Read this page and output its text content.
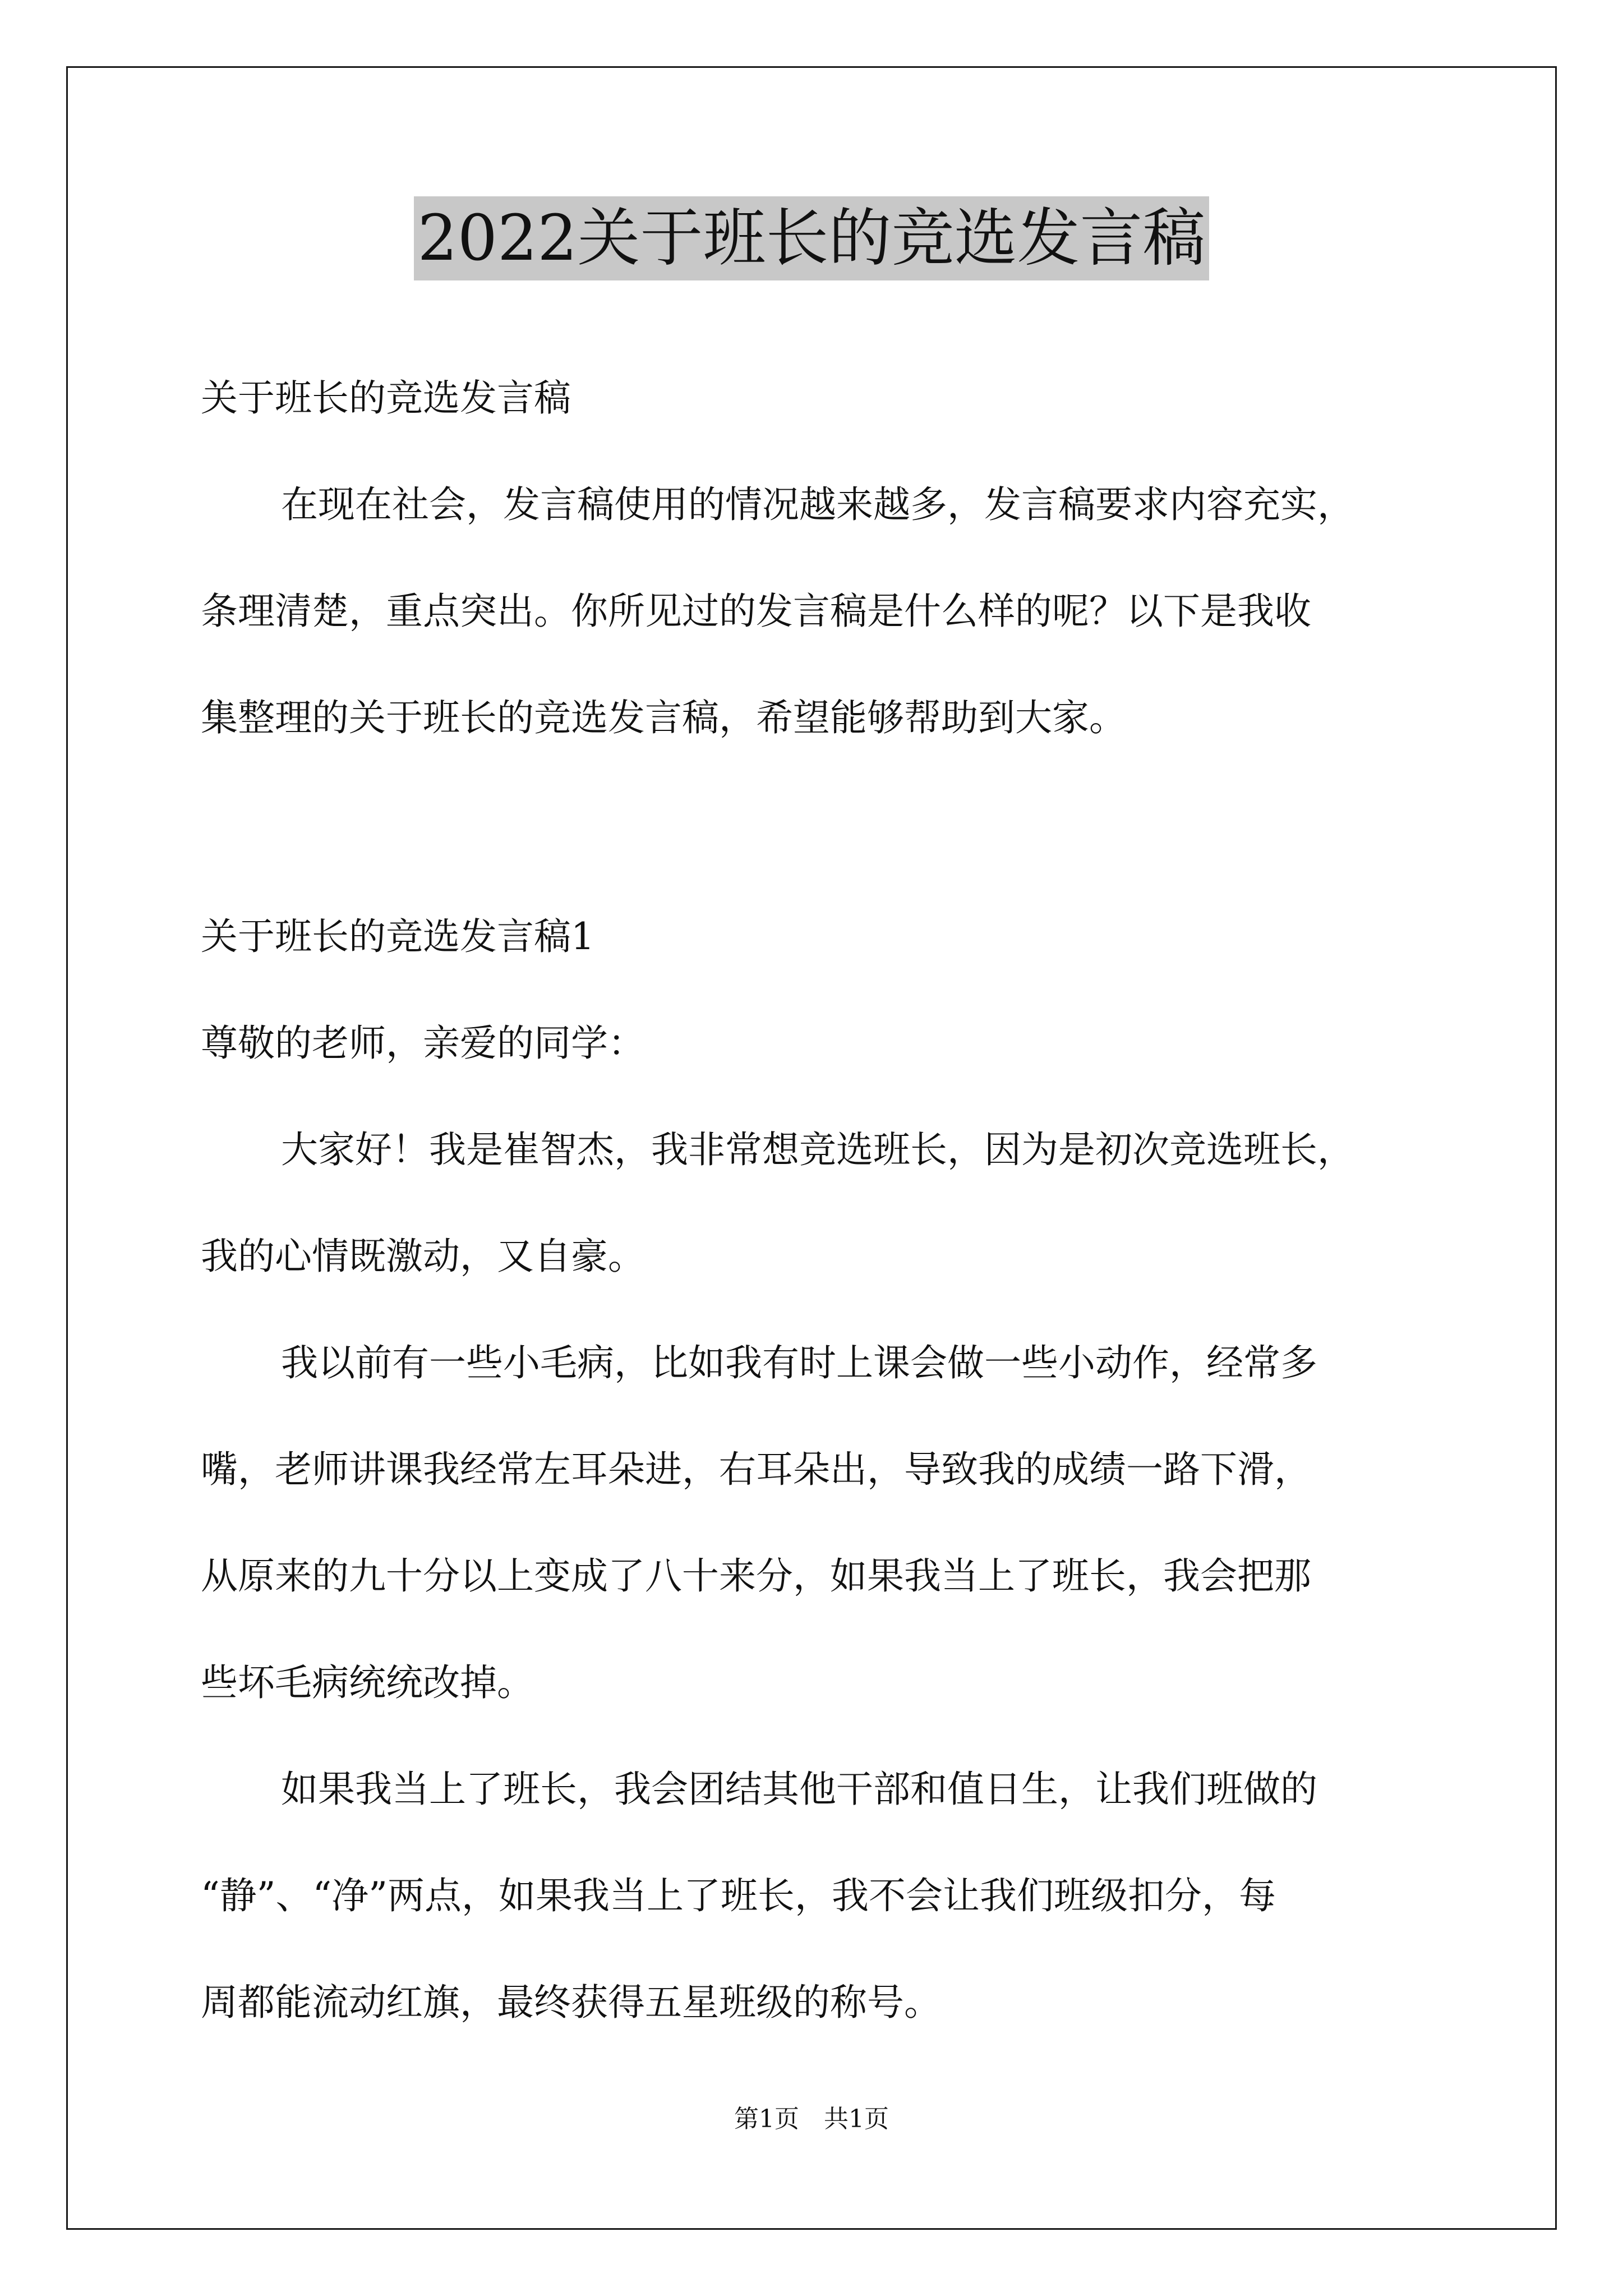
2022关于班长的竞选发言稿
关于班长的竞选发言稿
在现在社会，发言稿使用的情况越来越多，发言稿要求内容充实，
条理清楚，重点突出。你所见过的发言稿是什么样的呢？以下是我收
集整理的关于班长的竞选发言稿，希望能够帮助到大家。
关于班长的竞选发言稿1
尊敬的老师，亲爱的同学：
大家好！我是崔智杰，我非常想竞选班长，因为是初次竞选班长，
我的心情既激动，又自豪。
我以前有一些小毛病，比如我有时上课会做一些小动作，经常多
嘴，老师讲课我经常左耳朵进，右耳朵出，导致我的成绩一路下滑，
从原来的九十分以上变成了八十来分，如果我当上了班长，我会把那
些坏毛病统统改掉。
如果我当上了班长，我会团结其他干部和值日生，让我们班做的
“静”、“净”两点，如果我当上了班长，我不会让我们班级扣分，每
周都能流动红旗，最终获得五星班级的称号。
第1页　共1页
